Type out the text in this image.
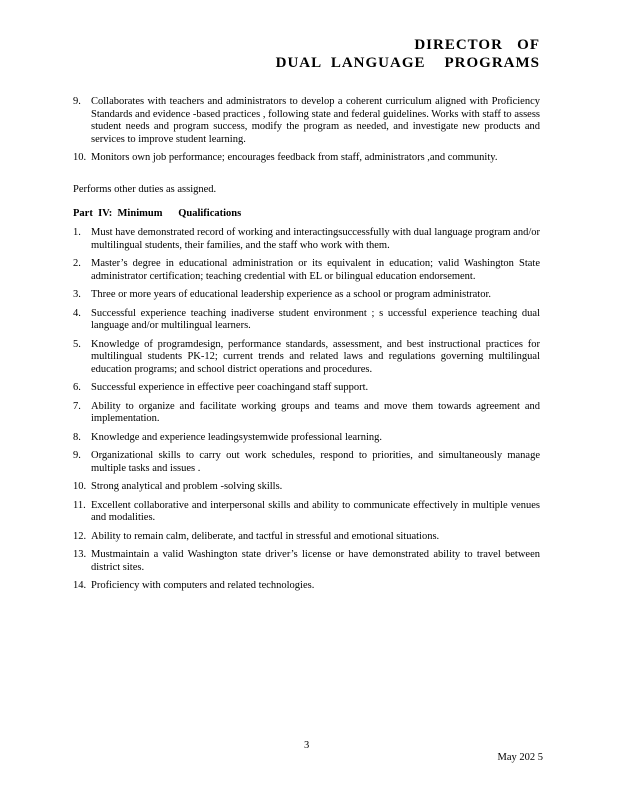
DIRECTOR   OF
DUAL  LANGUAGE    PROGRAMS
9. Collaborates with teachers and administrators to develop a coherent curriculum aligned with Proficiency Standards and evidence -based practices , following state and federal guidelines. Works with staff to assess student needs and program success, modify the program as needed, and investigate new products and services to improve student learning.
10. Monitors own job performance; encourages feedback from staff, administrators ,and community.
Performs other duties as assigned.
Part  IV:  Minimum      Qualifications
1. Must have demonstrated record of working and interactingsuccessfully with dual language program and/or multilingual students, their families, and the staff who work with them.
2. Master’s degree in educational administration or its equivalent in education; valid Washington State administrator certification; teaching credential with EL or bilingual education endorsement.
3. Three or more years of educational leadership experience as a school or program administrator.
4. Successful experience teaching inadiverse student environment ; s uccessful experience teaching dual language and/or multilingual learners.
5. Knowledge of programdesign, performance standards, assessment, and best instructional practices for multilingual students PK-12; current trends and related laws and regulations governing multilingual education programs; and school district operations and procedures.
6. Successful experience in effective peer coachingand staff support.
7. Ability to organize and facilitate working groups and teams and move them towards agreement and implementation.
8. Knowledge and experience leadingsystemwide professional learning.
9. Organizational skills to carry out work schedules, respond to priorities, and simultaneously manage multiple tasks and issues .
10. Strong analytical and problem -solving skills.
11. Excellent collaborative and interpersonal skills and ability to communicate effectively in multiple venues and modalities.
12. Ability to remain calm, deliberate, and tactful in stressful and emotional situations.
13. Mustmaintain a valid Washington state driver’s license or have demonstrated ability to travel between district sites.
14. Proficiency with computers and related technologies.
3
May 202 5
